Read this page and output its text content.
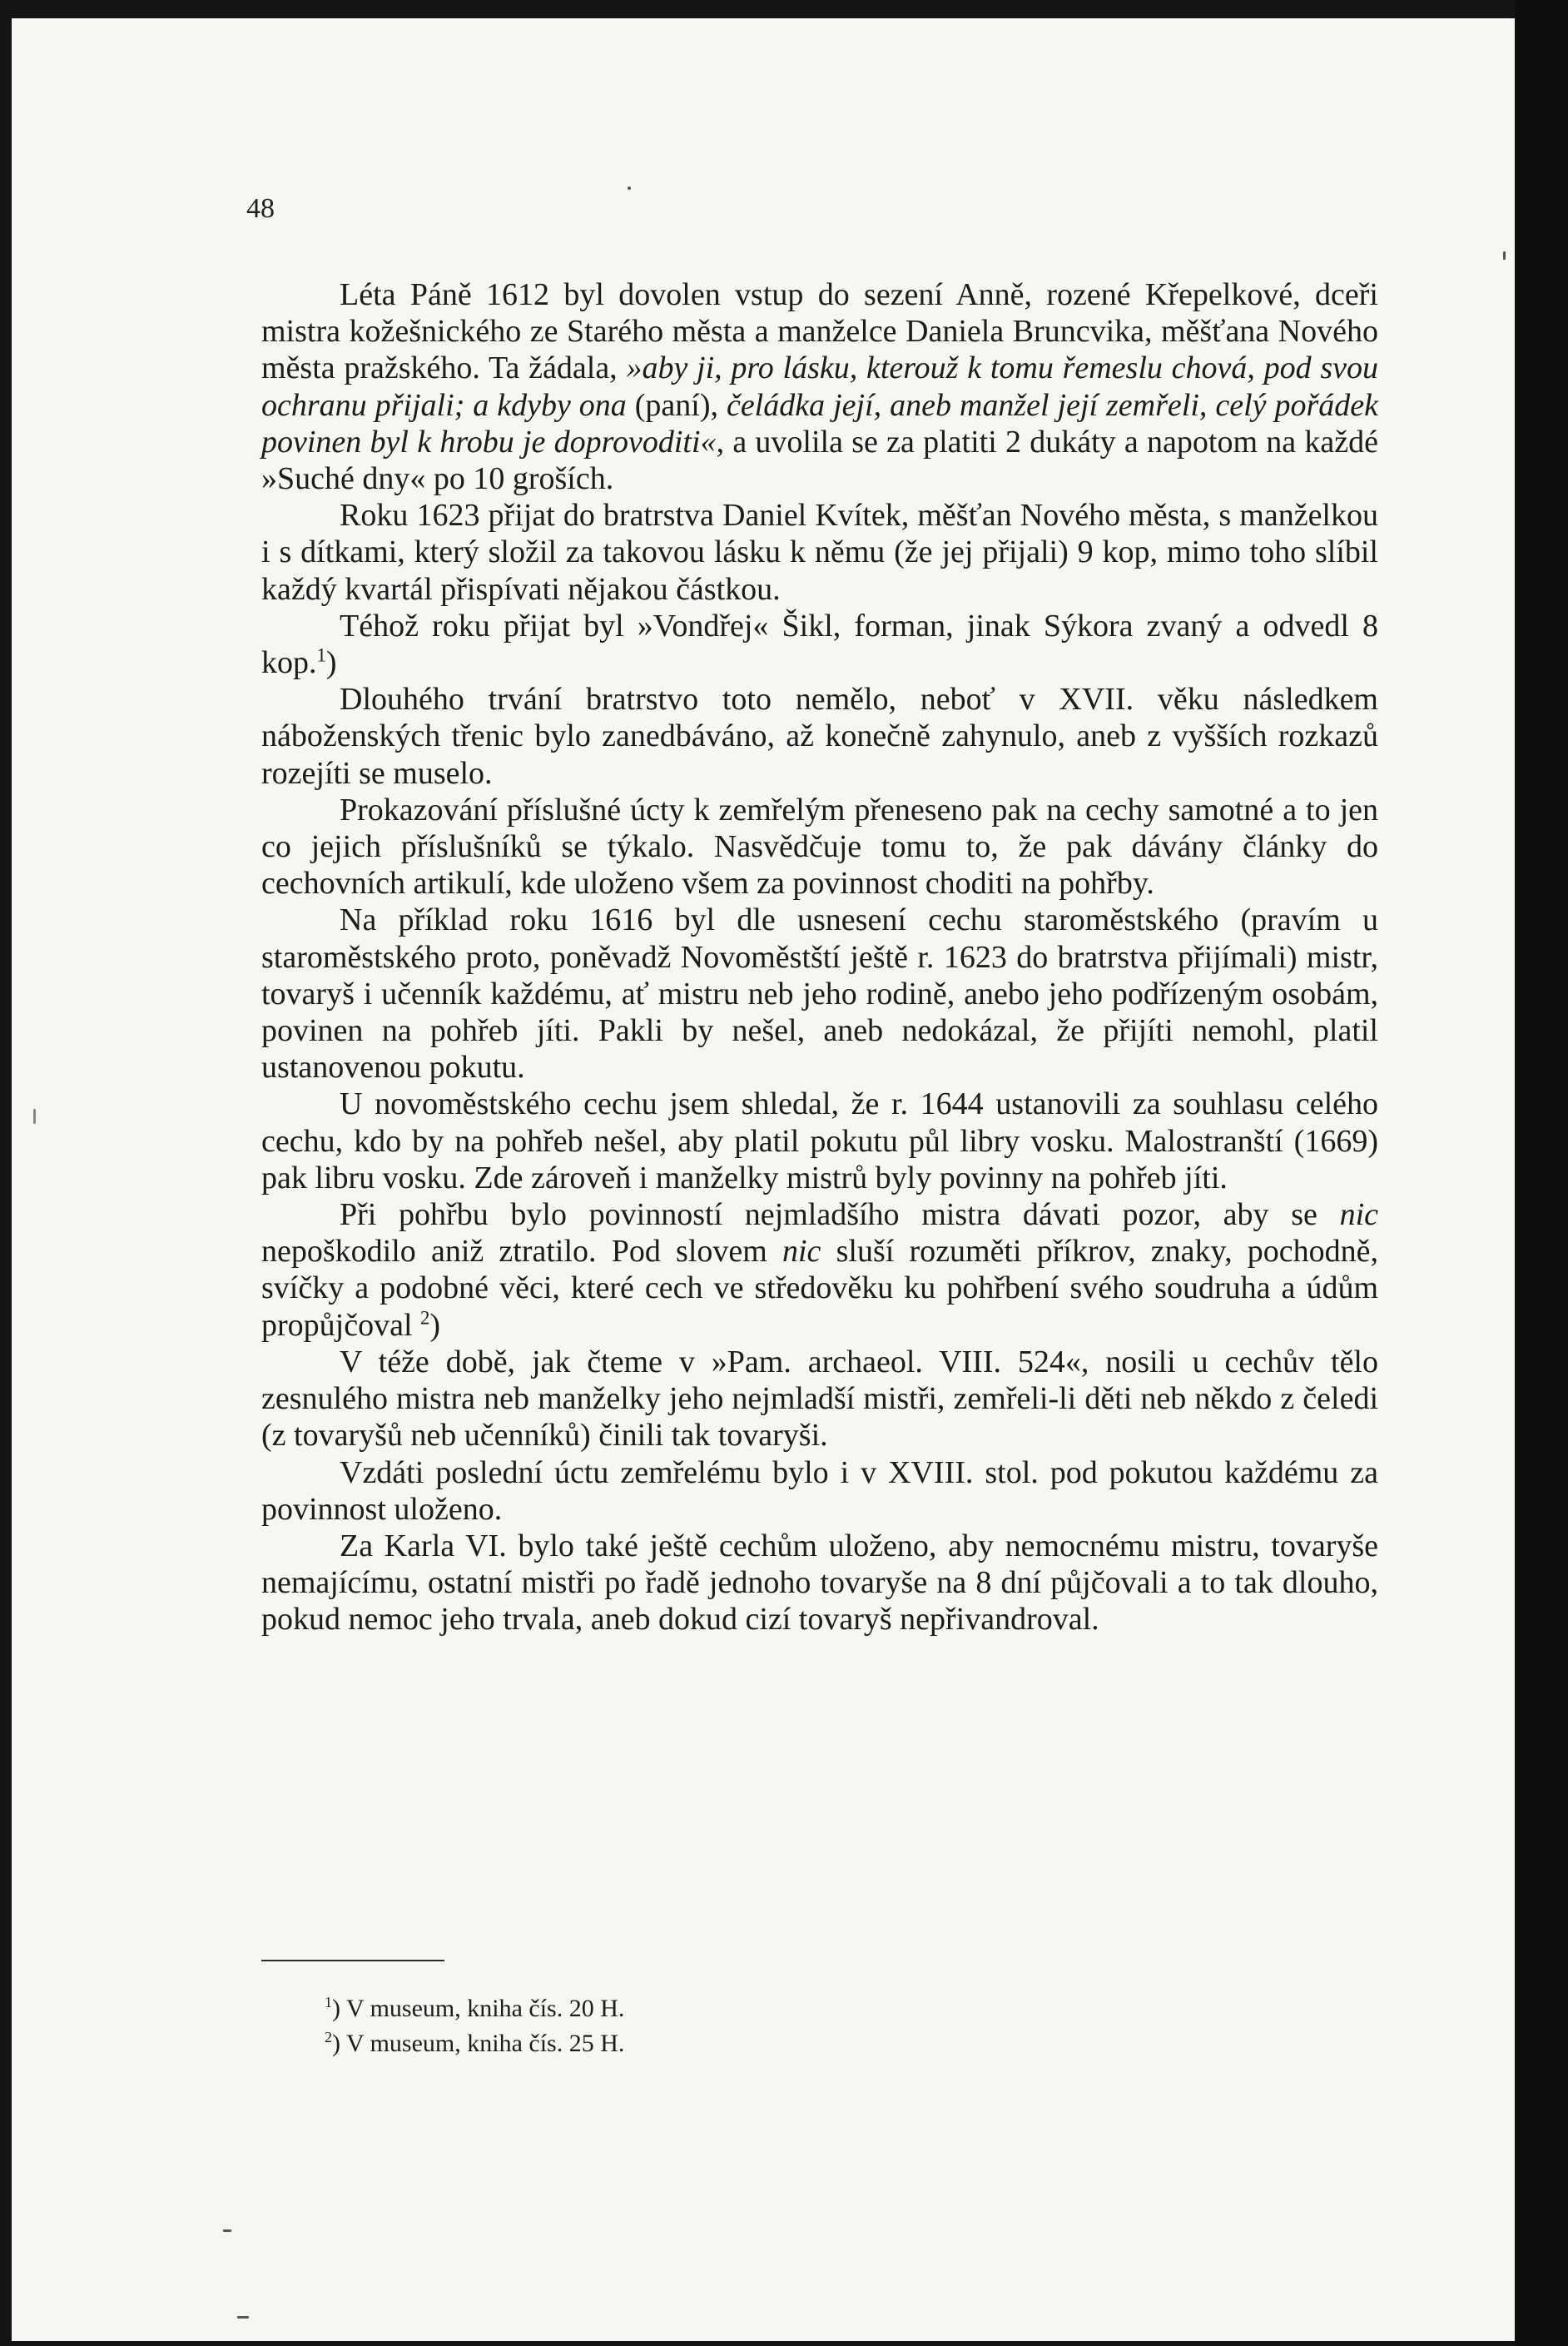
48

Léta Páně 1612 byl dovolen vstup do sezení Anně, rozené Křepelkové, dceři mistra kožešnického ze Starého města a manželce Daniela Bruncvika, měšťana Nového města pražského. Ta žádala, »aby ji, pro lásku, kterouž k tomu řemeslu chová, pod svou ochranu přijali; a kdyby ona (paní), čeládka její, aneb manžel její zemřeli, celý pořádek povinen byl k hrobu je doprovoditi«, a uvolila se za platiti 2 dukáty a napotom na každé »Suché dny« po 10 groších.

Roku 1623 přijat do bratrstva Daniel Kvítek, měšťan Nového města, s manželkou i s dítkami, který složil za takovou lásku k němu (že jej přijali) 9 kop, mimo toho slíbil každý kvartál přispívati nějakou částkou.

Téhož roku přijat byl »Vondřej« Šikl, forman, jinak Sýkora zvaný a odvedl 8 kop.$^1$)

Dlouhého trvání bratrstvo toto nemělo, neboť v XVII. věku následkem náboženských třenic bylo zanedbáváno, až konečně zahynulo, aneb z vyšších rozkazů rozejíti se muselo.

Prokazování příslušné úcty k zemřelým přeneseno pak na cechy samotné a to jen co jejich příslušníků se týkalo. Nasvědčuje tomu to, že pak dávány články do cechovních artikulí, kde uloženo všem za povinnost choditi na pohřby.

Na příklad roku 1616 byl dle usnesení cechu staroměstského (pravím u staroměstského proto, poněvadž Novoměstští ještě r. 1623 do bratrstva přijímali) mistr, tovaryš i učenník každému, ať mistru neb jeho rodině, anebo jeho podřízeným osobám, povinen na pohřeb jíti. Pakli by nešel, aneb nedokázal, že přijíti nemohl, platil ustanovenou pokutu.

U novoměstského cechu jsem shledal, že r. 1644 ustanovili za souhlasu celého cechu, kdo by na pohřeb nešel, aby platil pokutu půl libry vosku. Malostranští (1669) pak libru vosku. Zde zároveň i manželky mistrů byly povinny na pohřeb jíti.

Při pohřbu bylo povinností nejmladšího mistra dávati pozor, aby se nic nepoškodilo aniž ztratilo. Pod slovem nic sluší rozuměti příkrov, znaky, pochodně, svíčky a podobné věci, které cech ve středověku ku pohřbení svého soudruha a údům propůjčoval $^2$)

V téže době, jak čteme v »Pam. archaeol. VIII. 524«, nosili u cechův tělo zesnulého mistra neb manželky jeho nejmladší mistři, zemřeli-li děti neb někdo z čeledi (z tovaryšů neb učenníků) činili tak tovaryši.

Vzdáti poslední úctu zemřelému bylo i v XVIII. stol. pod pokutou každému za povinnost uloženo.

Za Karla VI. bylo také ještě cechům uloženo, aby nemocnému mistru, tovaryše nemajícímu, ostatní mistři po řadě jednoho tovaryše na 8 dní půjčovali a to tak dlouho, pokud nemoc jeho trvala, aneb dokud cizí tovaryš nepřivandroval.

$^1$) V museum, kniha čís. 20 H.
$^2$) V museum, kniha čís. 25 H.
